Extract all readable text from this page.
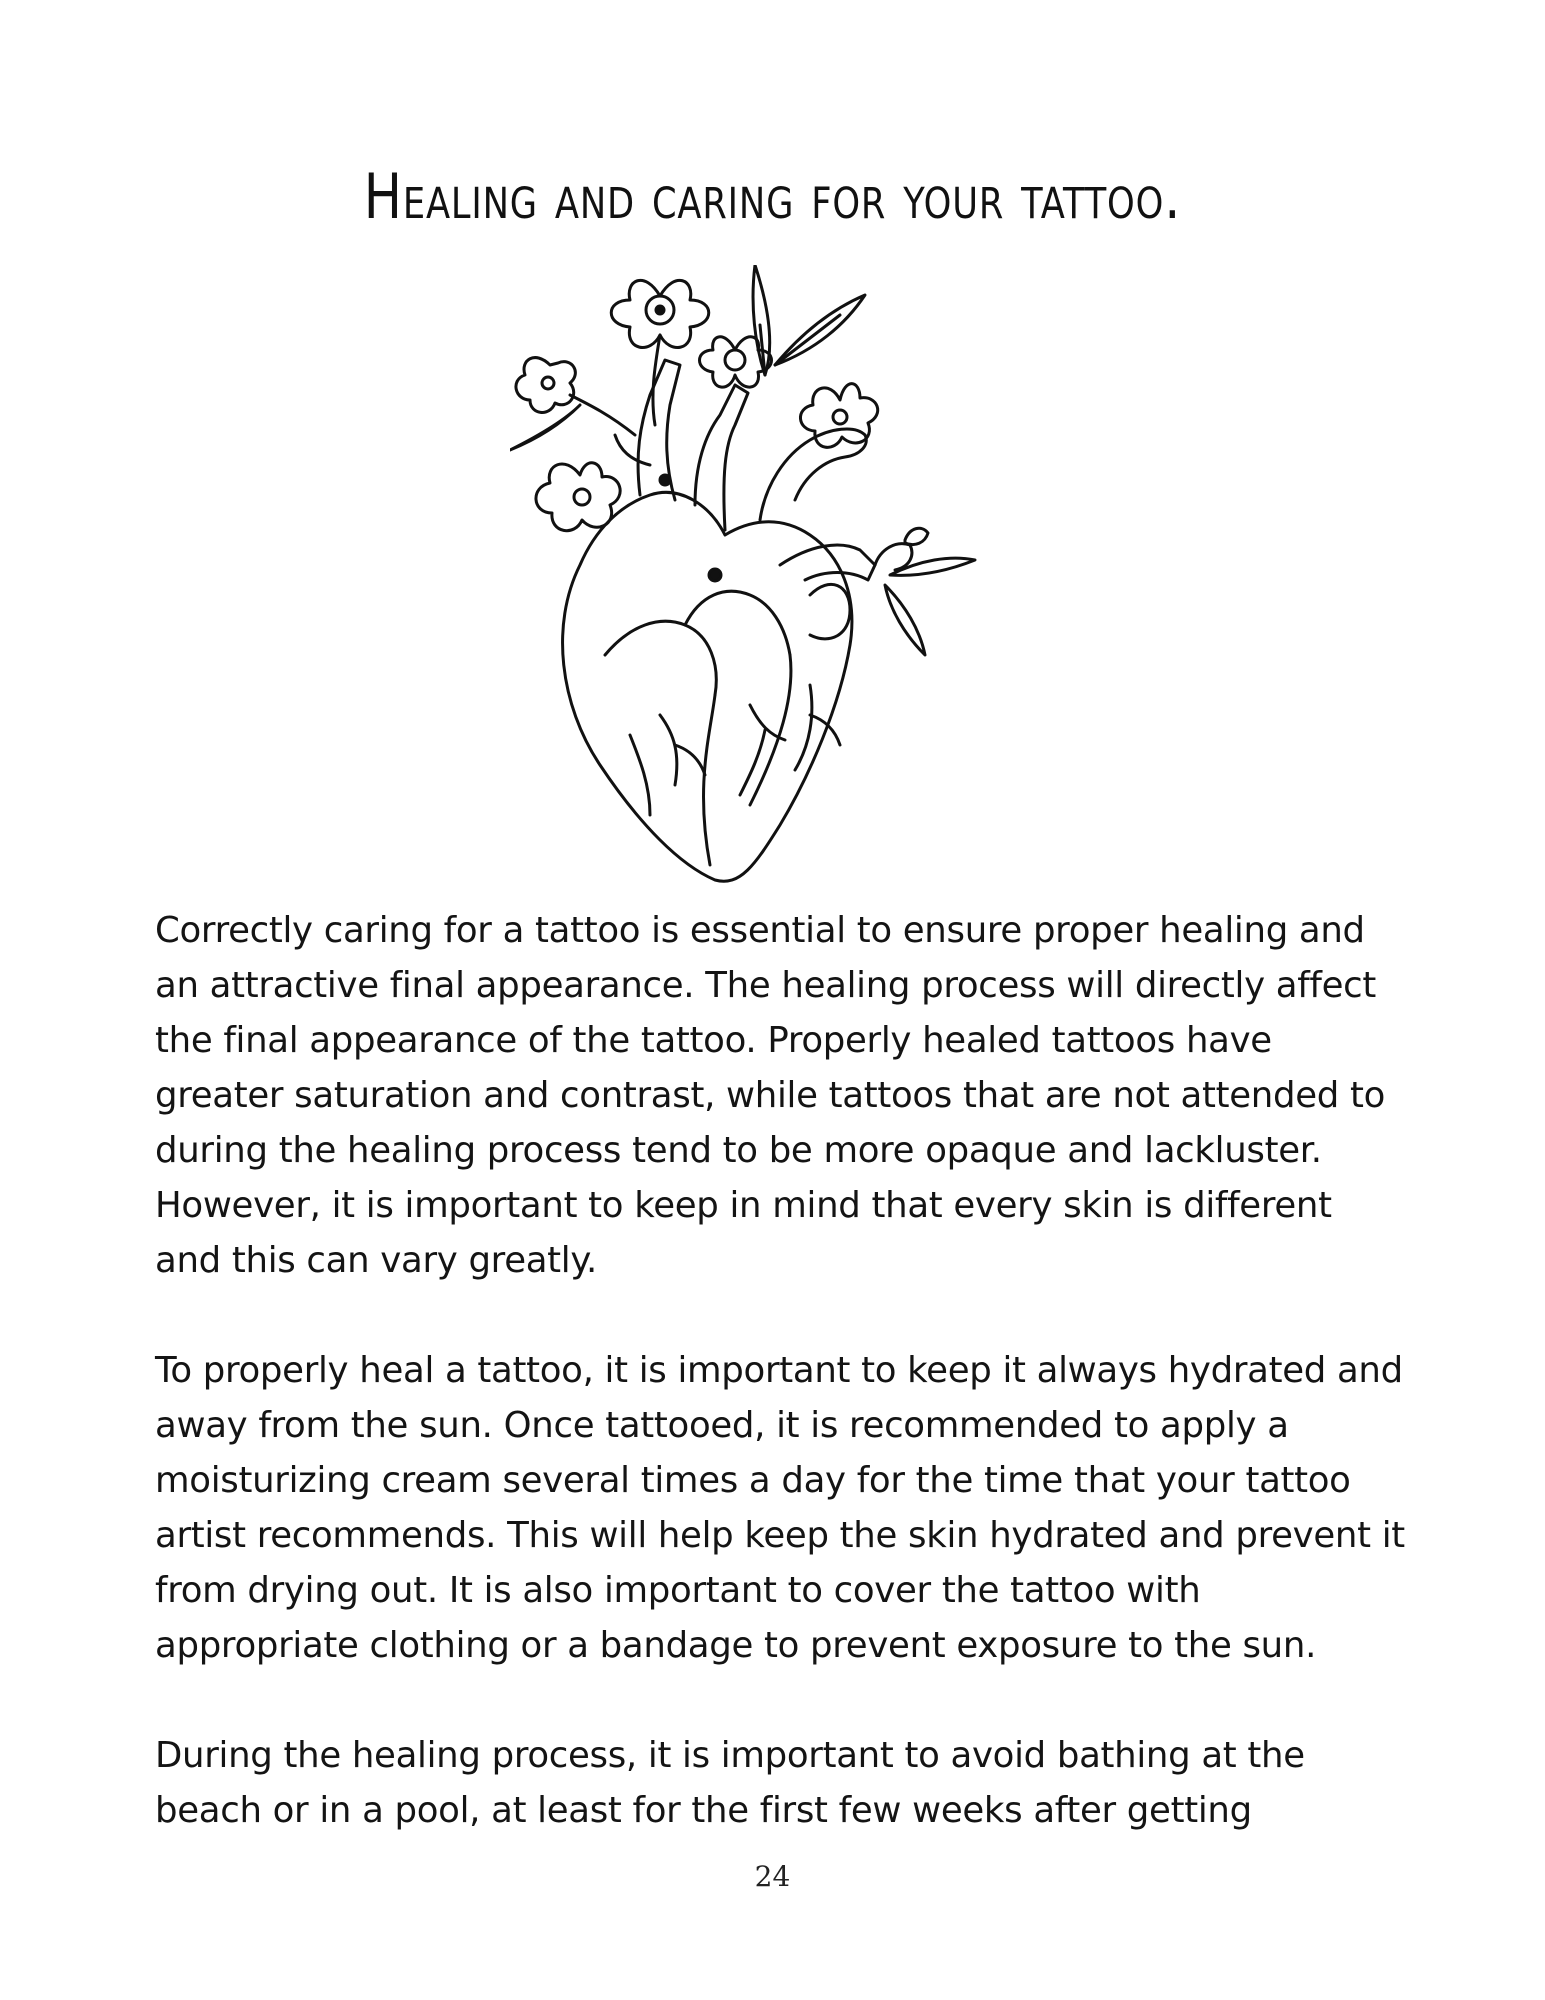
Healing and caring for your tattoo.

Correctly caring for a tattoo is essential to ensure proper healing and an attractive final appearance. The healing process will directly affect the final appearance of the tattoo. Properly healed tattoos have greater saturation and contrast, while tattoos that are not attended to during the healing process tend to be more opaque and lackluster. However, it is important to keep in mind that every skin is different and this can vary greatly.

To properly heal a tattoo, it is important to keep it always hydrated and away from the sun. Once tattooed, it is recommended to apply a moisturizing cream several times a day for the time that your tattoo artist recommends. This will help keep the skin hydrated and prevent it from drying out. It is also important to cover the tattoo with appropriate clothing or a bandage to prevent exposure to the sun.

During the healing process, it is important to avoid bathing at the beach or in a pool, at least for the first few weeks after getting

24
